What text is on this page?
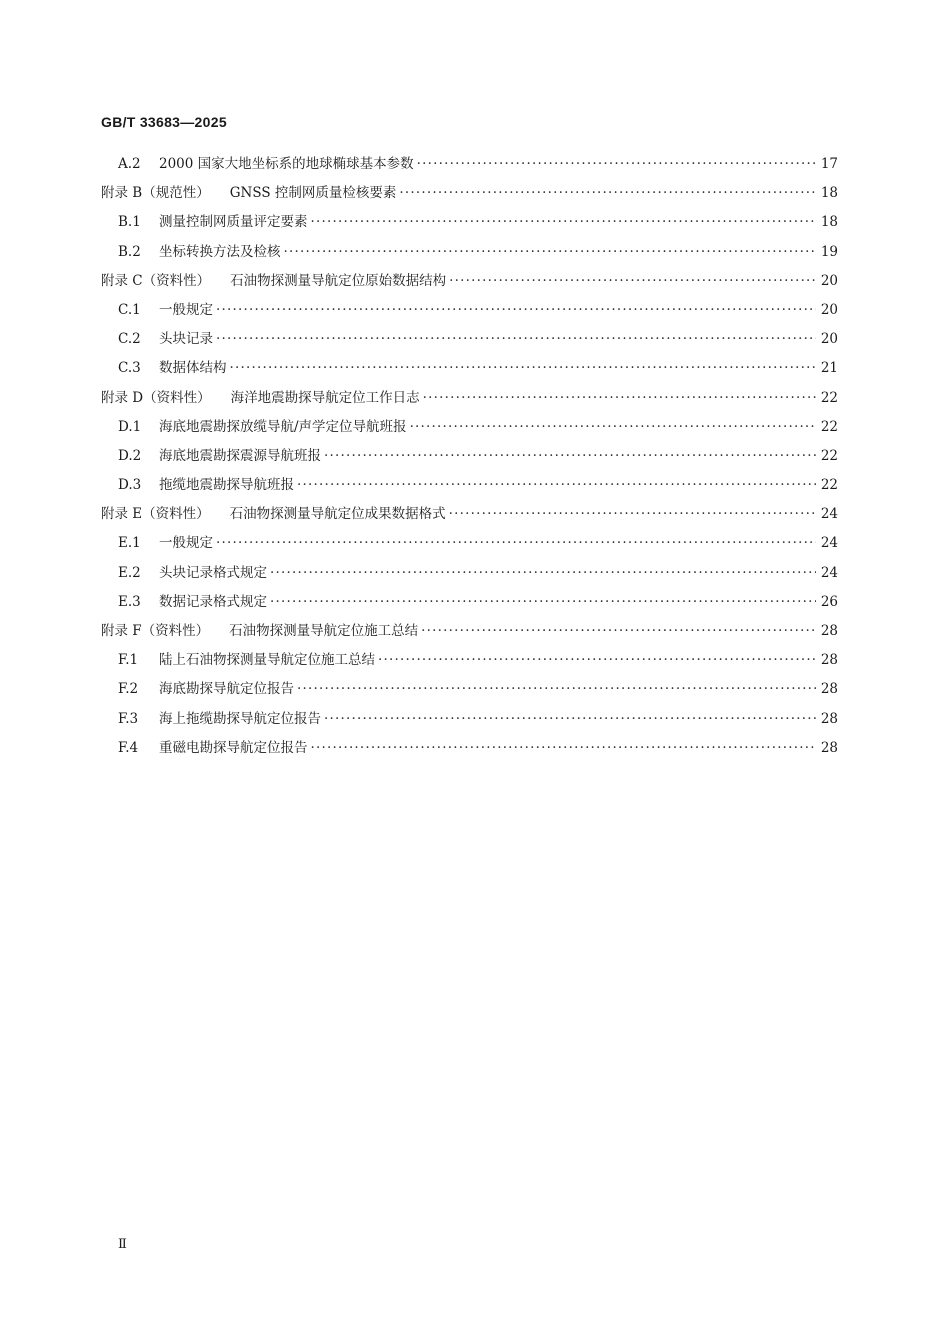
GB/T 33683—2025
A.2	2000 国家大地坐标系的地球椭球基本参数 ·····	17
附录 B（规范性） GNSS 控制网质量检核要素 ·····	18
B.1	测量控制网质量评定要素 ·····	18
B.2	坐标转换方法及检核 ·····	19
附录 C（资料性） 石油物探测量导航定位原始数据结构 ·····	20
C.1	一般规定 ·····	20
C.2	头块记录 ·····	20
C.3	数据体结构 ·····	21
附录 D（资料性） 海洋地震勘探导航定位工作日志 ·····	22
D.1	海底地震勘探放缆导航/声学定位导航班报 ·····	22
D.2	海底地震勘探震源导航班报 ·····	22
D.3	拖缆地震勘探导航班报 ·····	22
附录 E（资料性） 石油物探测量导航定位成果数据格式 ·····	24
E.1	一般规定 ·····	24
E.2	头块记录格式规定 ·····	24
E.3	数据记录格式规定 ·····	26
附录 F（资料性） 石油物探测量导航定位施工总结 ·····	28
F.1	陆上石油物探测量导航定位施工总结 ·····	28
F.2	海底勘探导航定位报告 ·····	28
F.3	海上拖缆勘探导航定位报告 ·····	28
F.4	重磁电勘探导航定位报告 ·····	28
Ⅱ
